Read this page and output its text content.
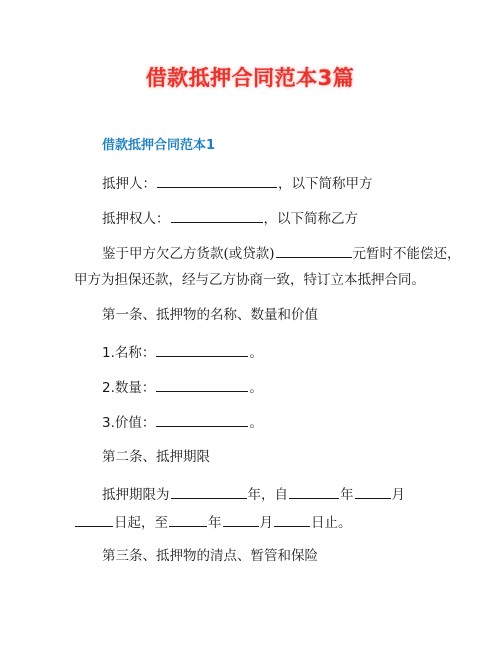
借款抵押合同范本3篇
借款抵押合同范本1
抵押人：	，以下简称甲方
抵押权人：	，以下简称乙方
鉴于甲方欠乙方货款(或贷款)	元暂时不能偿还，
甲方为担保还款，经与乙方协商一致，特订立本抵押合同。
第一条、抵押物的名称、数量和价值
1.名称：	。
2.数量：	。
3.价值：	。
第二条、抵押期限
抵押期限为	年，自	年	月
日起，至	年	月	日止。
第三条、抵押物的清点、暂管和保险
